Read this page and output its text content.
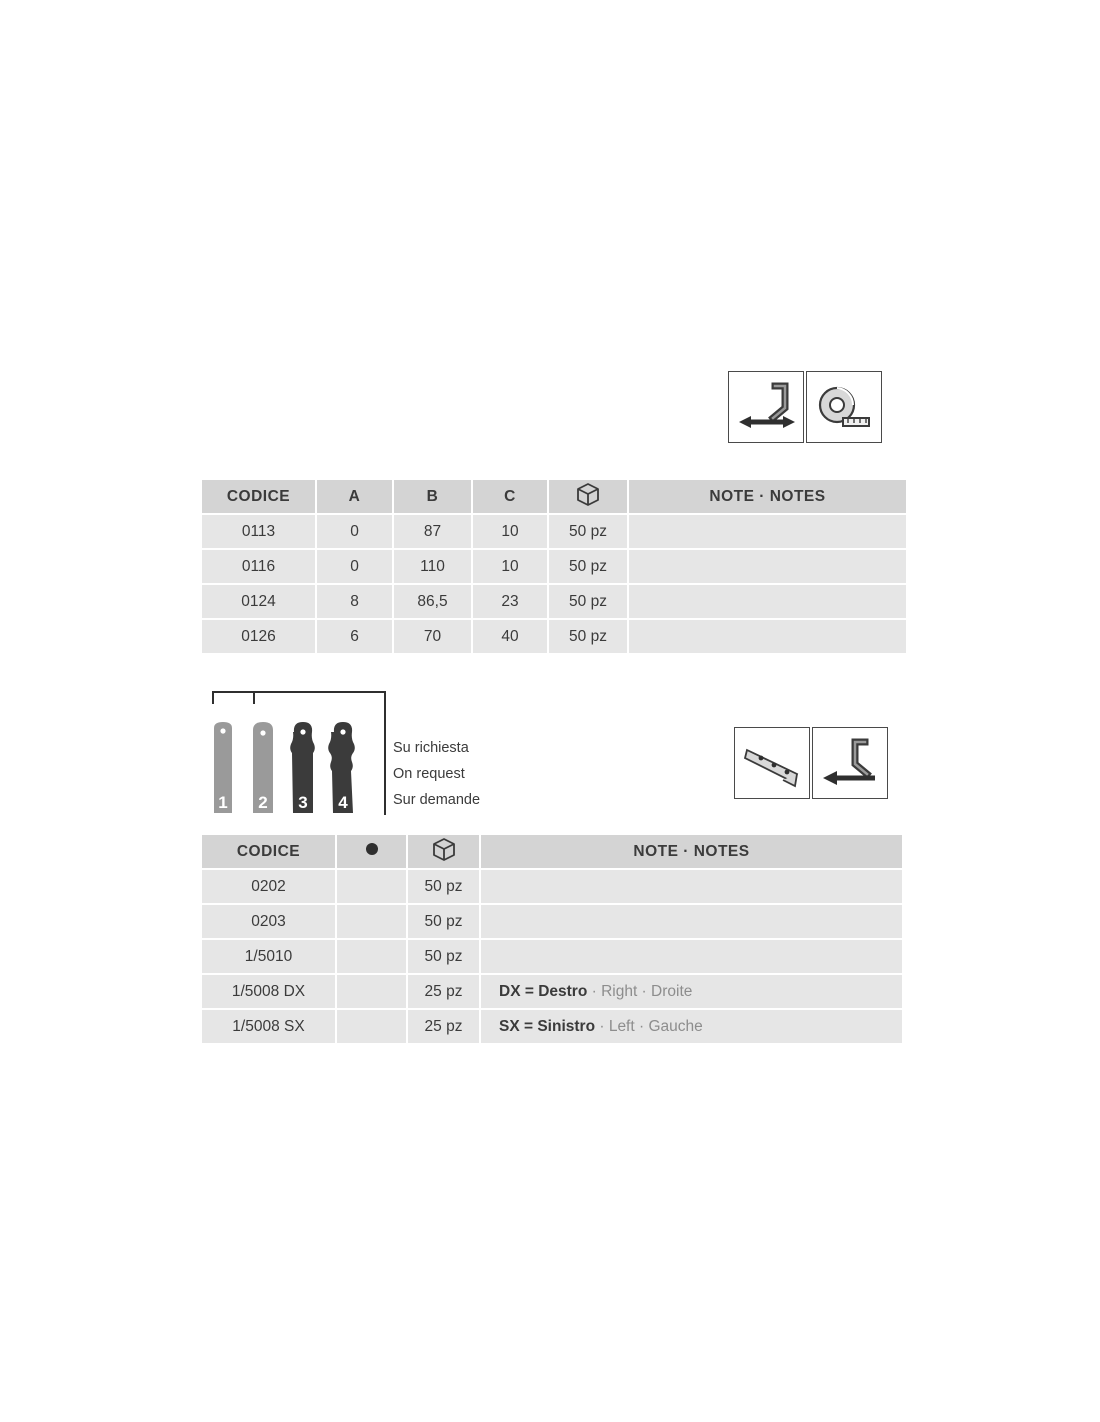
CODICE	A	B	C		NOTE · NOTES
0113	0	87	10	50 pz	
0116	0	110	10	50 pz	
0124	8	86,5	23	50 pz	
0126	6	70	40	50 pz	
1	2	3	4
Su richiesta
On request
Sur demande
CODICE			NOTE · NOTES
0202		50 pz	
0203		50 pz	
1/5010		50 pz	
1/5008 DX		25 pz	DX = Destro · Right · Droite
1/5008 SX		25 pz	SX = Sinistro · Left · Gauche
